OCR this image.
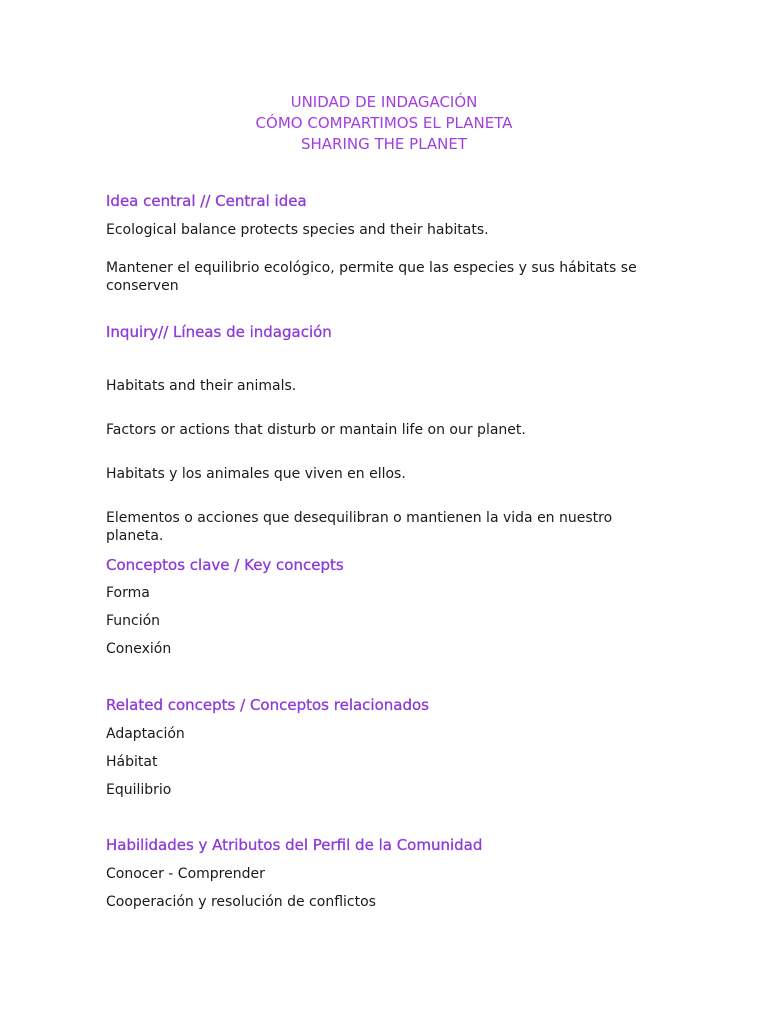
UNIDAD DE INDAGACIÓN
CÓMO COMPARTIMOS EL PLANETA
SHARING THE PLANET
Idea central // Central idea

Ecological balance protects species and their habitats.

Mantener el equilibrio ecológico, permite que las especies y sus hábitats se

conserven

Inquiry// Líneas de indagación

Habitats and their animals.

Factors or actions that disturb or mantain life on our planet.

Habitats y los animales que viven en ellos.

Elementos o acciones que desequilibran o mantienen la vida en nuestro planeta.

Conceptos clave / Key concepts

Forma

Función

Conexión

Related concepts / Conceptos relacionados

Adaptación

Hábitat

Equilibrio

Habilidades y Atributos del Perfil de la Comunidad

Conocer - Comprender

Cooperación y resolución de conflictos
